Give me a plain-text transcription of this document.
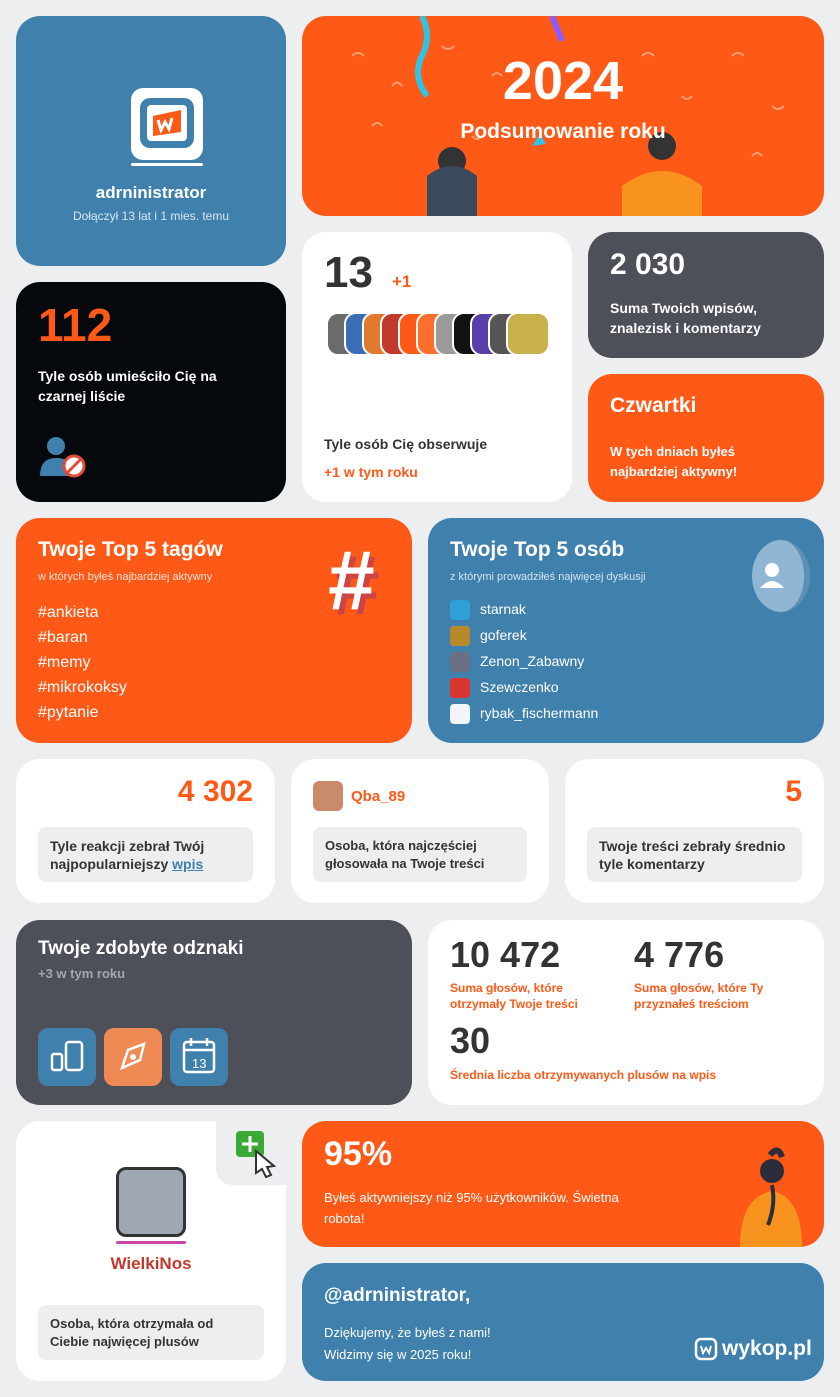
adrninistrator
Dołączył 13 lat i 1 mies. temu
2024
Podsumowanie roku
112
Tyle osób umieściło Cię na czarnej liście
13 +1
Tyle osób Cię obserwuje
+1 w tym roku
2 030
Suma Twoich wpisów, znalezisk i komentarzy
Czwartki
W tych dniach byłeś najbardziej aktywny!
Twoje Top 5 tagów
w których byłeś najbardziej aktywny #
#ankieta
#baran
#memy
#mikrokoksy
#pytanie
Twoje Top 5 osób
z którymi prowadziłeś najwięcej dyskusji
starnak
goferek
Zenon_Zabawny
Szewczenko
rybak_fischermann
4 302
Tyle reakcji zebrał Twój najpopularniejszy wpis
Qba_89
Osoba, która najczęściej głosowała na Twoje treści
5
Twoje treści zebrały średnio tyle komentarzy
Twoje zdobyte odznaki
+3 w tym roku
13
10 472
Suma głosów, które otrzymały Twoje treści
4 776
Suma głosów, które Ty przyznałeś treściom
30
Średnia liczba otrzymywanych plusów na wpis
WielkiNos
Osoba, która otrzymała od Ciebie najwięcej plusów
95%
Byłeś aktywniejszy niż 95% użytkowników. Świetna robota!
@adrninistrator,
Dziękujemy, że byłeś z nami!
Widzimy się w 2025 roku!	wykop.pl
